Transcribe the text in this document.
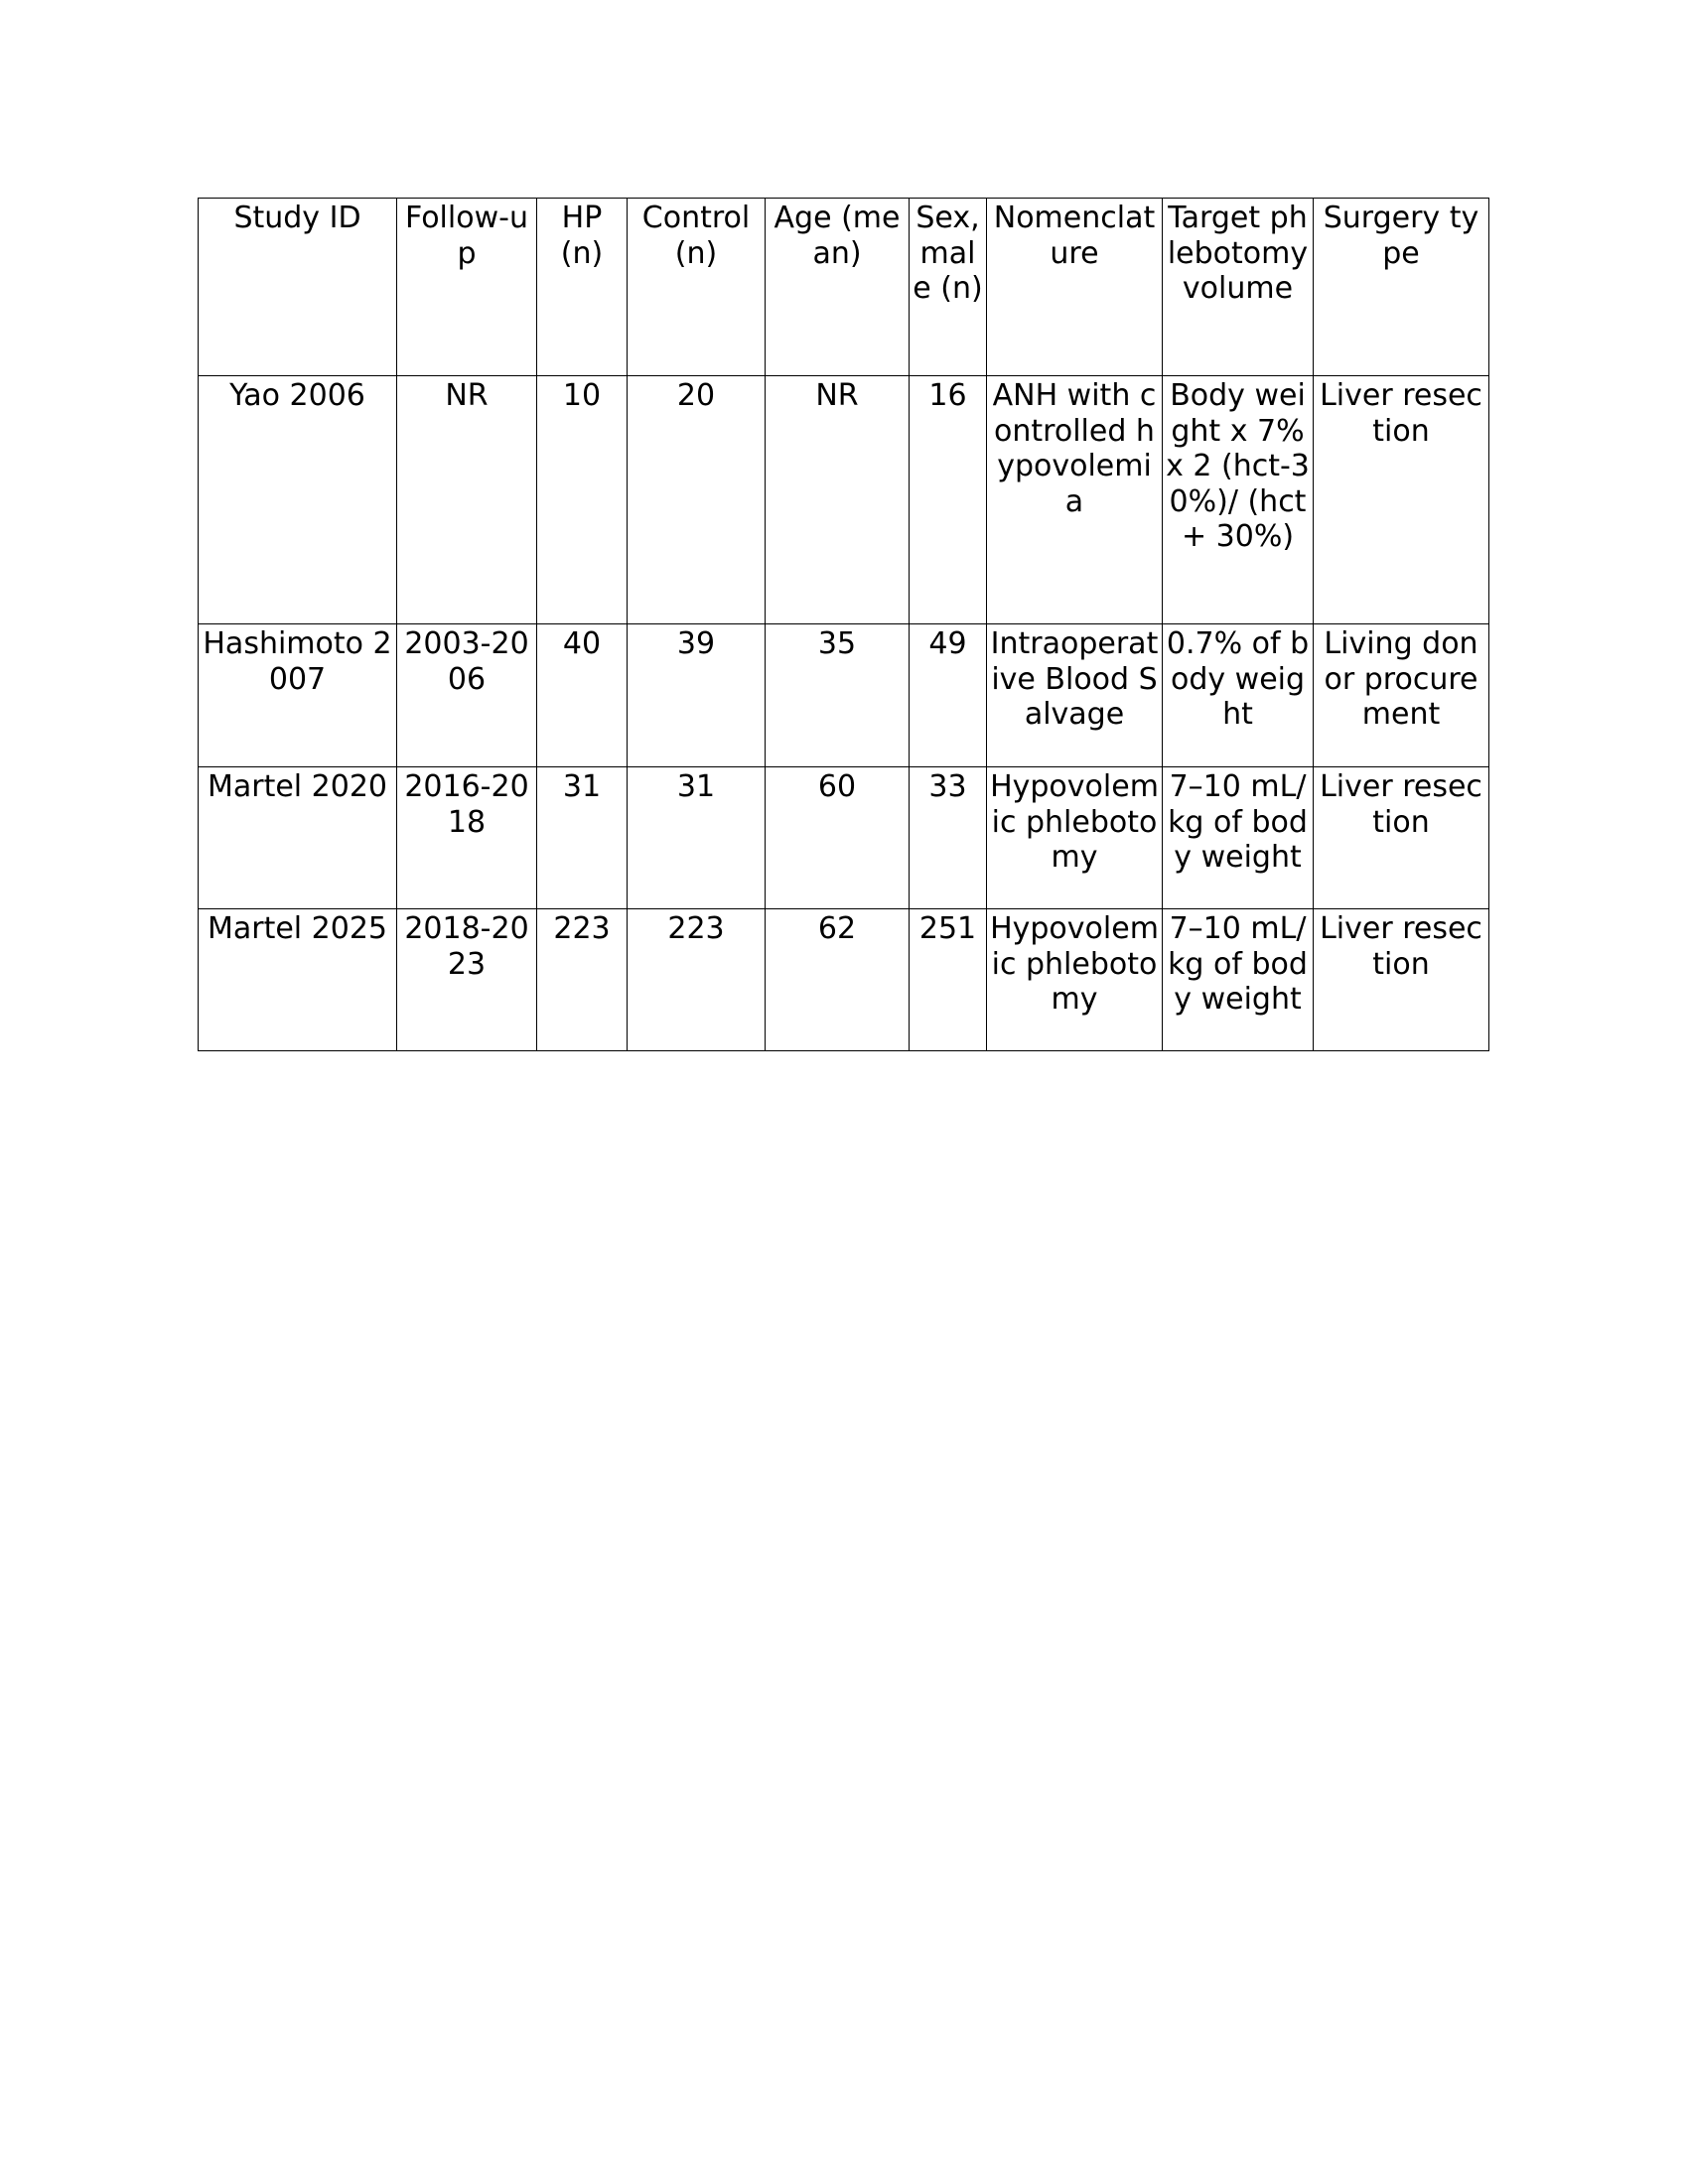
Study ID	Follow-up	HP (n)	Control (n)	Age (mean)	Sex, male (n)	Nomenclature	Target phlebotomy volume	Surgery type
Yao 2006	NR	10	20	NR	16	ANH with controlled hypovolemia	Body weight x 7% x 2 (hct-30%)/ (hct + 30%)	Liver resection
Hashimoto 2007	2003-2006	40	39	35	49	Intraoperative Blood Salvage	0.7% of body weight	Living donor procurement
Martel 2020	2016-2018	31	31	60	33	Hypovolemic phlebotomy	7–10 mL/kg of body weight	Liver resection
Martel 2025	2018-2023	223	223	62	251	Hypovolemic phlebotomy	7–10 mL/kg of body weight	Liver resection
